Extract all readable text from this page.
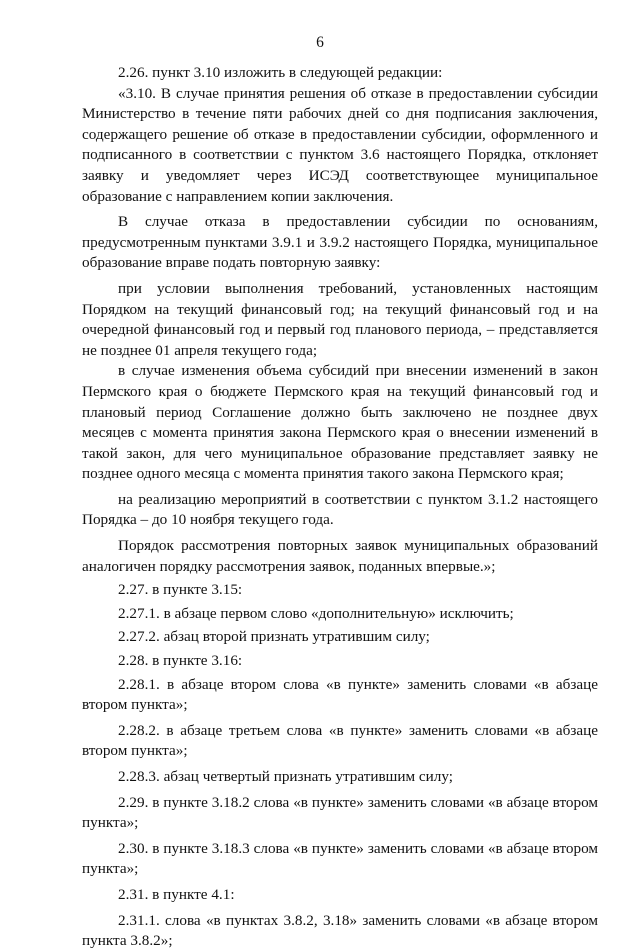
6

2.26. пункт 3.10 изложить в следующей редакции:

«3.10. В случае принятия решения об отказе в предоставлении субсидии Министерство в течение пяти рабочих дней со дня подписания заключения, содержащего решение об отказе в предоставлении субсидии, оформленного и подписанного в соответствии с пунктом 3.6 настоящего Порядка, отклоняет заявку и уведомляет через ИСЭД соответствующее муниципальное образование с направлением копии заключения.

В случае отказа в предоставлении субсидии по основаниям, предусмотренным пунктами 3.9.1 и 3.9.2 настоящего Порядка, муниципальное образование вправе подать повторную заявку:

при условии выполнения требований, установленных настоящим Порядком на текущий финансовый год; на текущий финансовый год и на очередной финансовый год и первый год планового периода, – представляется не позднее 01 апреля текущего года;

в случае изменения объема субсидий при внесении изменений в закон Пермского края о бюджете Пермского края на текущий финансовый год и плановый период Соглашение должно быть заключено не позднее двух месяцев с момента принятия закона Пермского края о внесении изменений в такой закон, для чего муниципальное образование представляет заявку не позднее одного месяца с момента принятия такого закона Пермского края;

на реализацию мероприятий в соответствии с пунктом 3.1.2 настоящего Порядка – до 10 ноября текущего года.

Порядок рассмотрения повторных заявок муниципальных образований аналогичен порядку рассмотрения заявок, поданных впервые.»;

2.27. в пункте 3.15:

2.27.1. в абзаце первом слово «дополнительную» исключить;

2.27.2. абзац второй признать утратившим силу;

2.28. в пункте 3.16:

2.28.1. в абзаце втором слова «в пункте» заменить словами «в абзаце втором пункта»;

2.28.2. в абзаце третьем слова «в пункте» заменить словами «в абзаце втором пункта»;

2.28.3. абзац четвертый признать утратившим силу;

2.29. в пункте 3.18.2 слова «в пункте» заменить словами «в абзаце втором пункта»;

2.30. в пункте 3.18.3 слова «в пункте» заменить словами «в абзаце втором пункта»;

2.31. в пункте 4.1:

2.31.1. слова «в пунктах 3.8.2, 3.18» заменить словами «в абзаце втором пункта 3.8.2»;
